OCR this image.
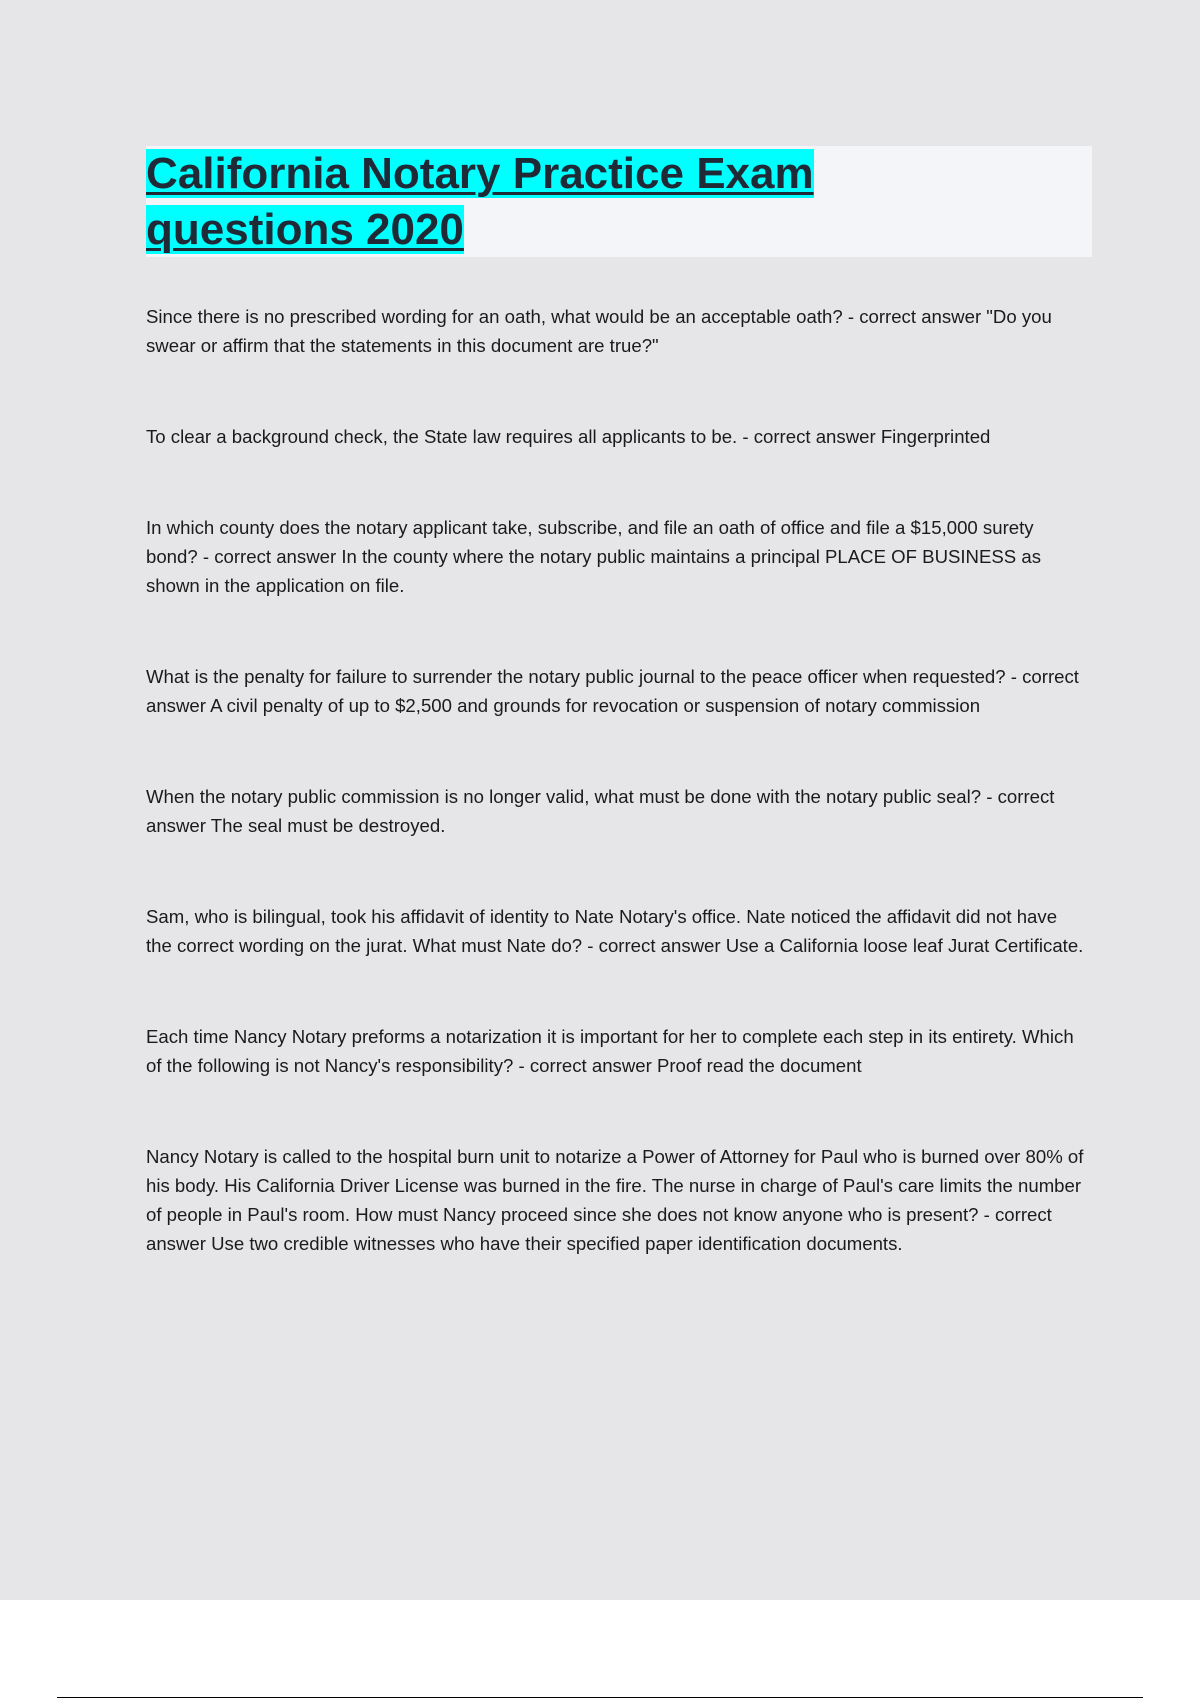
California Notary Practice Exam questions 2020

Since there is no prescribed wording for an oath, what would be an acceptable oath? - correct answer "Do you swear or affirm that the statements in this document are true?"

To clear a background check, the State law requires all applicants to be. - correct answer Fingerprinted

In which county does the notary applicant take, subscribe, and file an oath of office and file a $15,000 surety bond? - correct answer In the county where the notary public maintains a principal PLACE OF BUSINESS as shown in the application on file.

What is the penalty for failure to surrender the notary public journal to the peace officer when requested? - correct answer A civil penalty of up to $2,500 and grounds for revocation or suspension of notary commission

When the notary public commission is no longer valid, what must be done with the notary public seal? - correct answer The seal must be destroyed.

Sam, who is bilingual, took his affidavit of identity to Nate Notary's office. Nate noticed the affidavit did not have the correct wording on the jurat. What must Nate do? - correct answer Use a California loose leaf Jurat Certificate.

Each time Nancy Notary preforms a notarization it is important for her to complete each step in its entirety. Which of the following is not Nancy's responsibility? - correct answer Proof read the document

Nancy Notary is called to the hospital burn unit to notarize a Power of Attorney for Paul who is burned over 80% of his body. His California Driver License was burned in the fire. The nurse in charge of Paul's care limits the number of people in Paul's room. How must Nancy proceed since she does not know anyone who is present? - correct answer Use two credible witnesses who have their specified paper identification documents.
